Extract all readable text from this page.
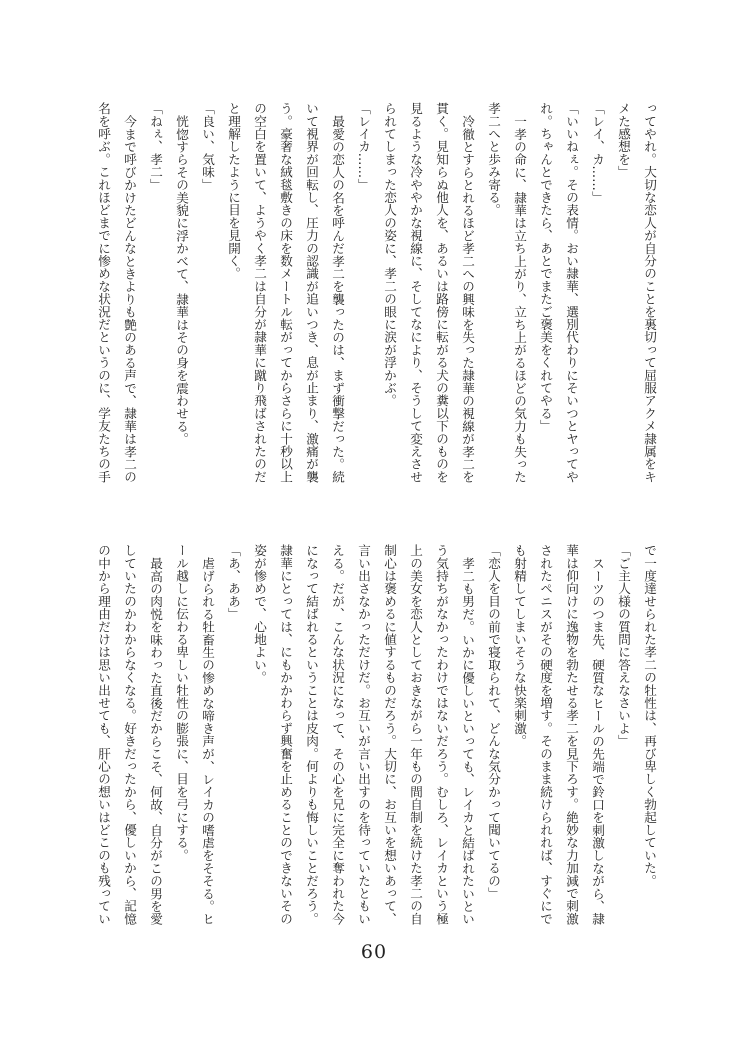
ってやれ。大切な恋人が自分のことを裏切って屈服アクメ隷属をキ

メた感想を」

「レイ、カ……」

「いいねぇ。その表情。おい隷華、選別代わりにそいつとヤってや

れ。ちゃんとできたら、あとでまたご褒美をくれてやる」

一孝の命に、隷華は立ち上がり、立ち上がるほどの気力も失った

孝二へと歩み寄る。

冷徹とすらとれるほど孝二への興味を失った隷華の視線が孝二を

貫く。見知らぬ他人を、あるいは路傍に転がる犬の糞以下のものを

見るような冷ややかな視線に、そしてなにより、そうして変えさせ

られてしまった恋人の姿に、孝二の眼に涙が浮かぶ。

「レイカ……」

最愛の恋人の名を呼んだ孝二を襲ったのは、まず衝撃だった。続

いて視界が回転し、圧力の認識が追いつき、息が止まり、激痛が襲

う。豪奢な絨毯敷きの床を数メートル転がってからさらに十秒以上

の空白を置いて、ようやく孝二は自分が隷華に蹴り飛ばされたのだ

と理解したように目を見開く。

「良い、気味」

恍惚すらその美貌に浮かべて、隷華はその身を震わせる。

「ねぇ、孝二」

今まで呼びかけたどんなときよりも艶のある声で、隷華は孝二の

名を呼ぶ。これほどまでに惨めな状況だというのに、学友たちの手

で一度達せられた孝二の牡性は、再び卑しく勃起していた。

「ご主人様の質問に答えなさいよ」

スーツのつま先、硬質なヒールの先端で鈴口を刺激しながら、隷

華は仰向けに逸物を勃たせる孝二を見下ろす。絶妙な力加減で刺激

されたペニスがその硬度を増す。そのまま続けられれば、すぐにで

も射精してしまいそうな快楽刺激。

「恋人を目の前で寝取られて、どんな気分かって聞いてるの」

孝二も男だ。いかに優しいといっても、レイカと結ばれたいとい

う気持ちがなかったわけではないだろう。むしろ、レイカという極

上の美女を恋人としておきながら一年もの間自制を続けた孝二の自

制心は褒めるに値するものだろう。大切に、お互いを想いあって、

言い出さなかっただけだ。お互いが言い出すのを待っていたともい

える。だが、こんな状況になって、その心を兄に完全に奪われた今

になって結ばれるということは皮肉。何よりも悔しいことだろう。

隷華にとっては、にもかかわらず興奮を止めることのできないその

姿が惨めで、心地よい。

「あ、ああ」

虐げられる牡畜生の惨めな啼き声が、レイカの嗜虐をそそる。ヒ

ール越しに伝わる卑しい牡性の膨張に、目を弓にする。

最高の肉悦を味わった直後だからこそ、何故、自分がこの男を愛

していたのかわからなくなる。好きだったから、優しいから、記憶

の中から理由だけは思い出せても、肝心の想いはどこのも残ってい

60
